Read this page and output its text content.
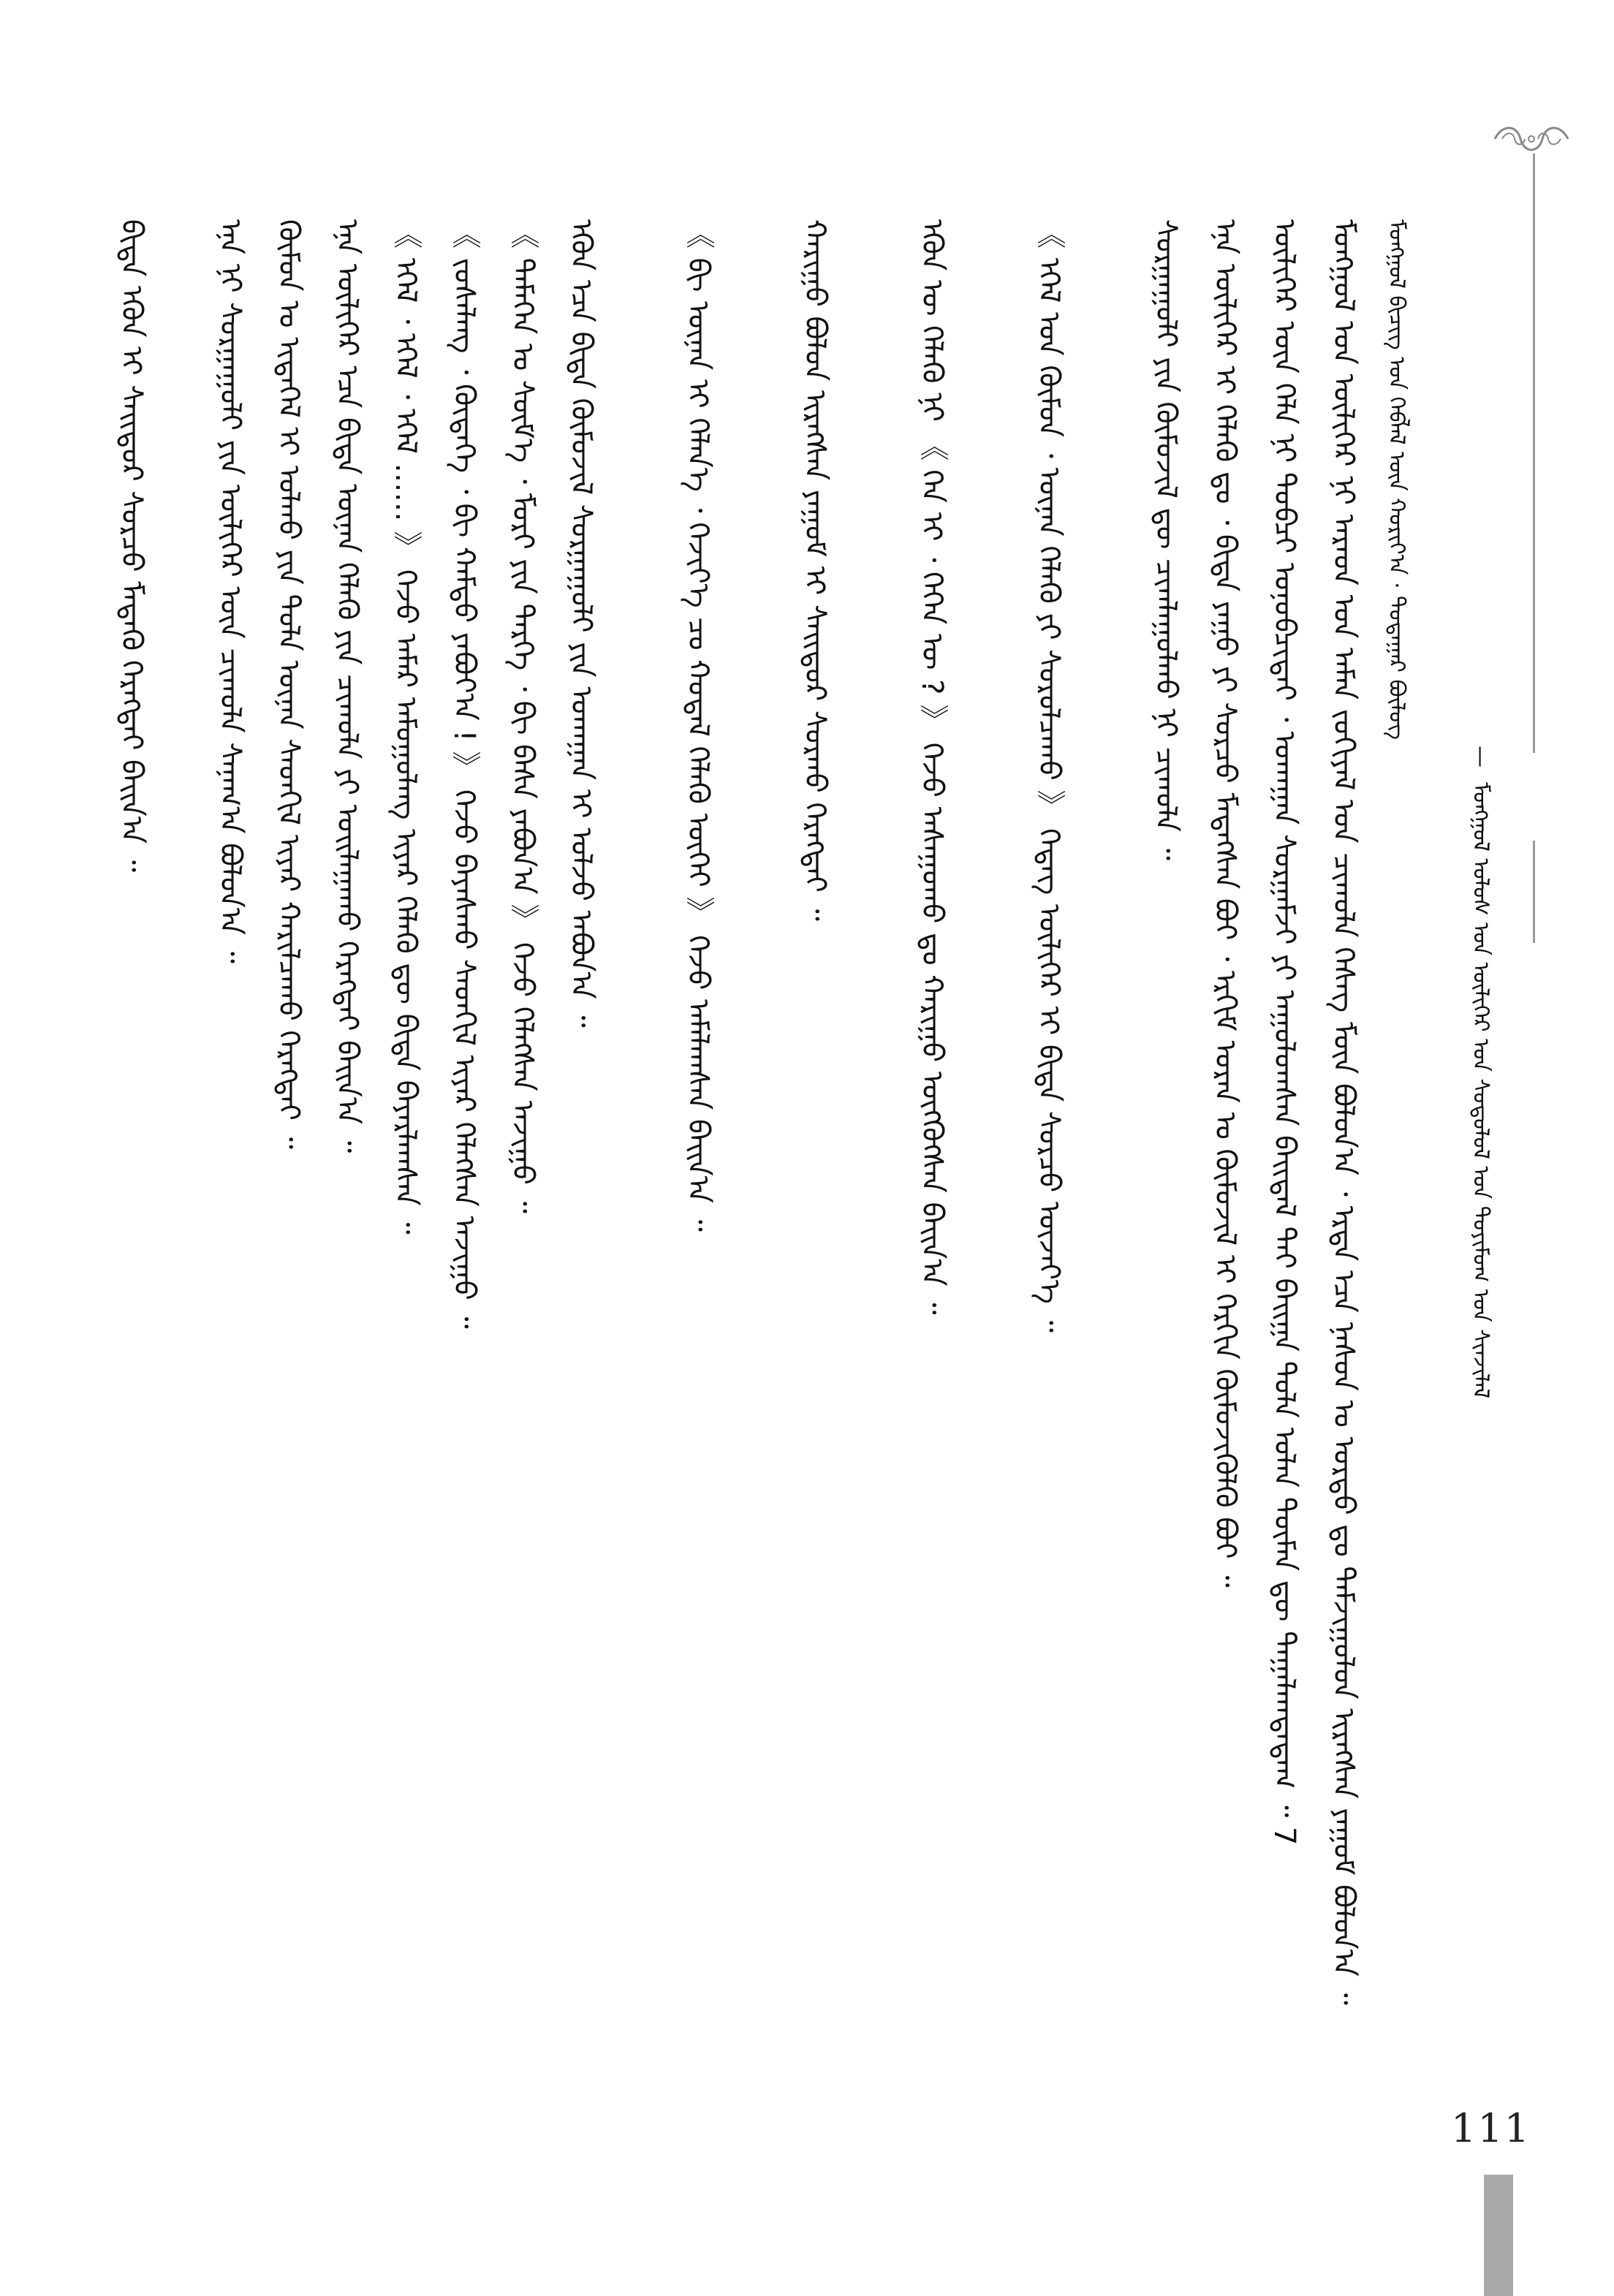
ᠮᠣᠩᠭᠣᠯ ᠤᠯᠤᠰ ᠤᠨ ᠦᠯᠢᠭᠡᠷ ᠤᠨ ᠰᠤᠳᠤᠯᠤᠯ ᠤᠨ ᠲᠤᠶᠢᠮᠤᠭ ᠤᠨ ᠰᠢᠨᠵᠢᠯᠡᠯ
—
ᠮᠣᠩᠭᠣᠯ ᠪᠢᠴᠢᠭ ᠤᠨ ᠬᠡᠪᠯᠡᠯ ᠦᠨ ᠬᠣᠷᠢᠶ᠎ᠠ · ᠳᠤᠲᠠᠭᠠᠷ ᠪᠦᠯᠦᠭ
ᠮᠣᠩᠭᠣᠯ ᠤᠨ ᠦᠯᠢᠭᠡᠷ ᠨᠢ ᠠᠷᠠᠳ ᠤᠨ ᠠᠮᠠᠨ ᠵᠣᠬᠢᠶᠠᠯ ᠤᠨ ᠴᠢᠬᠤᠯᠠ ᠬᠡᠰᠡᠭ ᠮᠥᠨ ᠪᠣᠯᠤᠨ᠎ᠠ ᠂ ᠡᠷᠲᠡ ᠡᠴᠡ ᠨᠠᠰᠤᠨ ᠤ ᠤᠷᠲᠤ ᠳᠤ ᠳᠠᠮᠵᠢᠭᠤᠯᠤᠨ ᠢᠷᠡᠭᠰᠡᠨ ᠶᠠᠭᠤᠮ ᠪᠣᠯᠤᠨ᠎ᠠ ᠃
ᠦᠯᠢᠭᠡᠷ ᠦᠨ ᠬᠡᠯᠡ ᠨᠢ ᠲᠤᠪᠴᠢ ᠣᠨᠣᠪᠴᠢᠲᠠᠢ ᠂ ᠤᠬᠠᠭᠠᠨ ᠰᠤᠷᠭᠠᠮᠵᠢ ᠶᠢ ᠠᠭᠤᠯᠤᠭᠰᠠᠨ ᠪᠠᠢᠳᠠᠯ ᠲᠠᠢ ᠪᠠᠢᠭᠠ ᠲᠤᠯᠠ ᠣᠯᠠᠨ ᠲᠦᠮᠡᠨ ᠳᠦ ᠲᠠᠭᠠᠯᠠᠭᠳᠠᠳᠠᠭ ᠃ 7
ᠡᠨᠡ ᠦᠯᠢᠭᠡᠷ ᠢ ᠬᠡᠯᠡᠬᠦ ᠳᠤ ᠂ ᠪᠢᠳᠡ ᠶᠠᠭᠤ ᠶᠢ ᠰᠤᠷᠴᠤ ᠮᠡᠳᠡᠭᠰᠡᠨ ᠪᠣᠢ ᠂ ᠡᠷᠬᠢᠮ ᠤᠷᠠᠨ ᠤ ᠬᠦᠮᠦᠵᠢᠯ ᠢ ᠬᠡᠷᠬᠢᠨ ᠬᠦᠮᠦᠵᠢᠭᠦᠯᠬᠦ ᠪᠣᠢ ᠃
ᠰᠤᠷᠭᠠᠭᠤᠯᠢ ᠶᠢᠨ ᠬᠦᠮᠦᠵᠢᠯ ᠳᠦ ᠴᠢᠭᠯᠠᠭᠤᠯᠬᠤ ᠨᠢ ᠴᠢᠬᠤᠯᠠ ᠃
《 ᠡᠭᠡᠯ ᠤᠨ ᠬᠦᠮᠦᠨ ᠂ ᠦᠨᠡᠨ ᠬᠡᠯᠡᠬᠦ ᠶᠢ ᠰᠤᠷᠤᠯᠴᠠᠬᠤ 》 ᠭᠡᠳᠡᠭ ᠦᠯᠢᠭᠡᠷ ᠢ ᠪᠢᠳᠡ ᠰᠤᠷᠴᠤ ᠦᠵᠡᠶ᠎ᠡ ᠃
ᠡᠭᠦᠨ ᠦ ᠬᠡᠯᠡᠬᠦ ᠨᠢ 《 ᠬᠡᠨ ᠢ ᠂ ᠬᠡᠭᠡᠨ ᠦ ? 》 ᠭᠡᠵᠦ ᠠᠰᠠᠭᠤᠬᠤ ᠳᠤ ᠬᠠᠷᠢᠭᠤ ᠥᠭᠭᠦᠭᠰᠡᠨ ᠪᠠᠢᠨ᠎ᠠ ᠃
ᠬᠠᠷᠢᠭᠤ ᠪᠣᠯᠤᠨ ᠢᠷᠡᠭᠰᠡᠨ ᠶᠠᠭᠤᠮ ᠢ ᠰᠠᠢᠲᠤᠷ ᠰᠤᠷᠬᠤ ᠬᠡᠷᠡᠭᠲᠡᠢ ᠃
《 ᠪᠢ ᠦᠨᠡᠨ ᠢ ᠬᠡᠯᠡᠨ᠎ᠡ ᠂ ᠬᠡᠵᠢᠶ᠎ᠡ ᠴᠤ ᠬᠤᠳᠠᠯ ᠬᠡᠯᠡᠬᠦ ᠦᠭᠡᠢ 》 ᠭᠡᠵᠦ ᠠᠮᠠᠯᠠᠭᠰᠠᠨ ᠪᠠᠢᠨ᠎ᠠ ᠃
ᠡᠭᠦᠨ ᠡᠴᠡ ᠪᠢᠳᠡ ᠬᠦᠮᠦᠵᠢᠯ ᠰᠤᠷᠭᠠᠭᠤᠯᠢ ᠶᠢᠨ ᠤᠬᠠᠭᠠᠨ ᠢ ᠣᠯᠵᠤ ᠠᠪᠤᠨ᠎ᠠ ᠃
《 ᠲᠡᠮᠡᠭᠡᠨ ᠤ ᠰᠦᠮ᠎ᠡ ᠂ ᠮᠣᠷᠢ ᠶᠢᠨ ᠲᠡᠷᠭᠡ ᠂ ᠪᠢ ᠪᠠᠰᠠ ᠶᠠᠪᠤᠨ᠎ᠠ 》 ᠭᠡᠵᠦ ᠬᠡᠯᠡᠭᠰᠡᠨ ᠠᠵᠢᠭᠤ ᠃
《 ᠵᠤᠰᠠᠯᠠᠩ ᠂ ᠬᠥᠳᠡᠭᠡ ᠂ ᠪᠢ ᠬᠠᠮᠲᠤ ᠶᠠᠪᠤᠶ᠎ᠠ ! 》 ᠭᠡᠵᠦ ᠪᠠᠶᠠᠰᠬᠤ ᠰᠡᠳᠭᠢᠯ ᠢᠶᠡᠷ ᠬᠡᠯᠡᠭᠰᠡᠨ ᠠᠵᠢᠭᠤ ᠃
《 ᠡᠭᠡᠯ ᠂ ᠡᠭᠡᠯ ᠂ ᠡᠭᠡᠯ …… 》 ᠭᠡᠵᠦ ᠠᠮᠠᠷ ᠠᠮᠤᠭᠤᠯᠠᠩ ᠢᠶᠡᠷ ᠬᠡᠯᠡᠬᠦ ᠳᠦ ᠪᠢᠳᠡ ᠪᠠᠶᠠᠷᠯᠠᠭᠰᠠᠨ ᠃
ᠡᠨᠡ ᠦᠯᠢᠭᠡᠷ ᠡᠴᠡ ᠪᠢᠳᠡ ᠦᠨᠡᠨ ᠬᠡᠯᠡᠬᠦ ᠶᠢᠨ ᠴᠢᠬᠤᠯᠠ ᠶᠢ ᠣᠢᠯᠠᠭᠠᠬᠤ ᠬᠡᠷᠡᠭᠲᠡᠢ ᠪᠠᠢᠨ᠎ᠠ ᠃
ᠬᠦᠮᠦᠨ ᠤ ᠢᠳᠡᠭᠡᠯ ᠢ ᠣᠯᠬᠤ ᠶᠢᠨ ᠲᠤᠯᠠ ᠦᠨᠡᠨ ᠰᠡᠳᠬᠢᠯ ᠢᠶᠡᠷ ᠬᠠᠷᠢᠯᠴᠠᠬᠤ ᠬᠡᠷᠡᠭᠲᠡᠢ ᠃
ᠡᠨᠡ ᠨᠢ ᠰᠤᠷᠭᠠᠭᠤᠯᠢ ᠶᠢᠨ ᠦᠯᠢᠭᠡᠷ ᠦᠨ ᠴᠢᠬᠤᠯᠠ ᠰᠠᠨᠠᠭ᠎ᠠ ᠪᠣᠯᠤᠨ᠎ᠠ ᠃
ᠪᠢᠳᠡ ᠡᠭᠦᠨ ᠢ ᠰᠠᠢᠲᠤᠷ ᠰᠤᠷᠴᠤ ᠮᠡᠳᠡᠬᠦ ᠬᠡᠷᠡᠭᠲᠡᠢ ᠪᠠᠢᠨ᠎ᠠ ᠃
111
